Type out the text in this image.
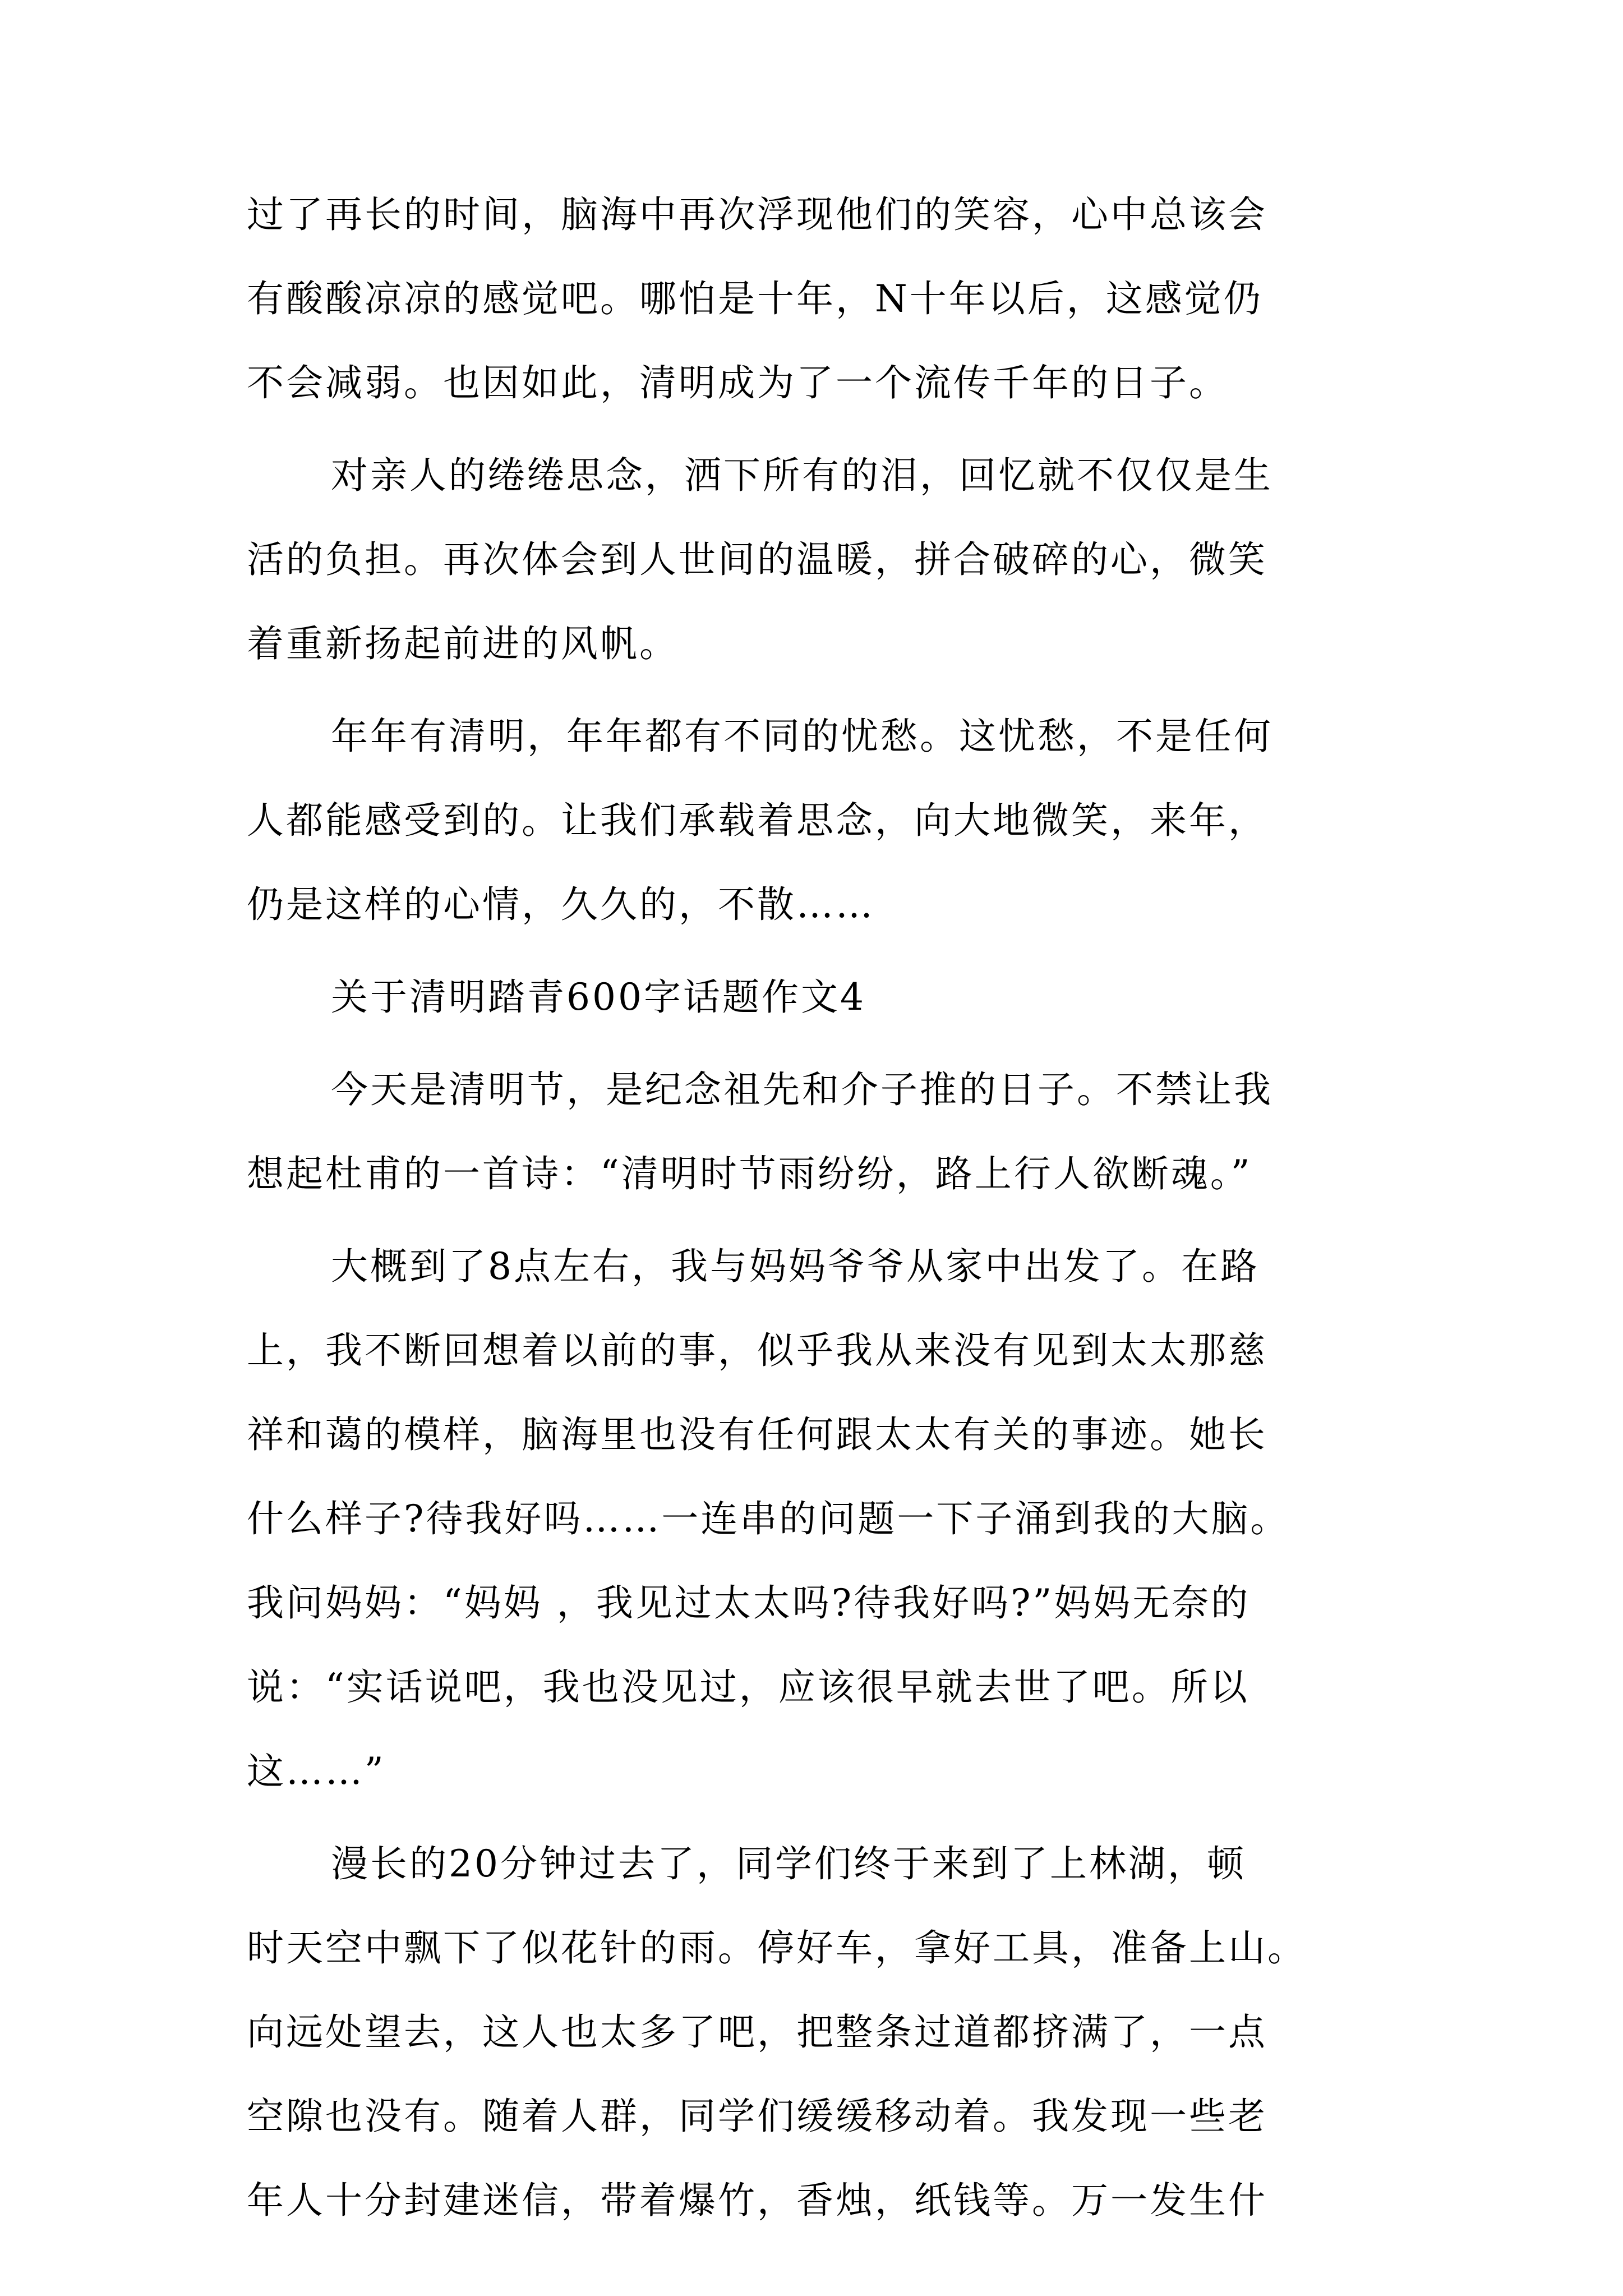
过了再长的时间，脑海中再次浮现他们的笑容，心中总该会
有酸酸凉凉的感觉吧。哪怕是十年，N十年以后，这感觉仍
不会减弱。也因如此，清明成为了一个流传千年的日子。
对亲人的绻绻思念，洒下所有的泪，回忆就不仅仅是生
活的负担。再次体会到人世间的温暖，拼合破碎的心，微笑
着重新扬起前进的风帆。
年年有清明，年年都有不同的忧愁。这忧愁，不是任何
人都能感受到的。让我们承载着思念，向大地微笑，来年，
仍是这样的心情，久久的，不散……
关于清明踏青600字话题作文4
今天是清明节，是纪念祖先和介子推的日子。不禁让我
想起杜甫的一首诗：“清明时节雨纷纷，路上行人欲断魂。”
大概到了8点左右，我与妈妈爷爷从家中出发了。在路
上，我不断回想着以前的事，似乎我从来没有见到太太那慈
祥和蔼的模样，脑海里也没有任何跟太太有关的事迹。她长
什么样子?待我好吗……一连串的问题一下子涌到我的大脑。
我问妈妈：“妈妈 ，我见过太太吗?待我好吗?”妈妈无奈的
说：“实话说吧，我也没见过，应该很早就去世了吧。所以
这……”
漫长的20分钟过去了，同学们终于来到了上林湖，顿
时天空中飘下了似花针的雨。停好车，拿好工具，准备上山。
向远处望去，这人也太多了吧，把整条过道都挤满了，一点
空隙也没有。随着人群，同学们缓缓移动着。我发现一些老
年人十分封建迷信，带着爆竹，香烛，纸钱等。万一发生什
